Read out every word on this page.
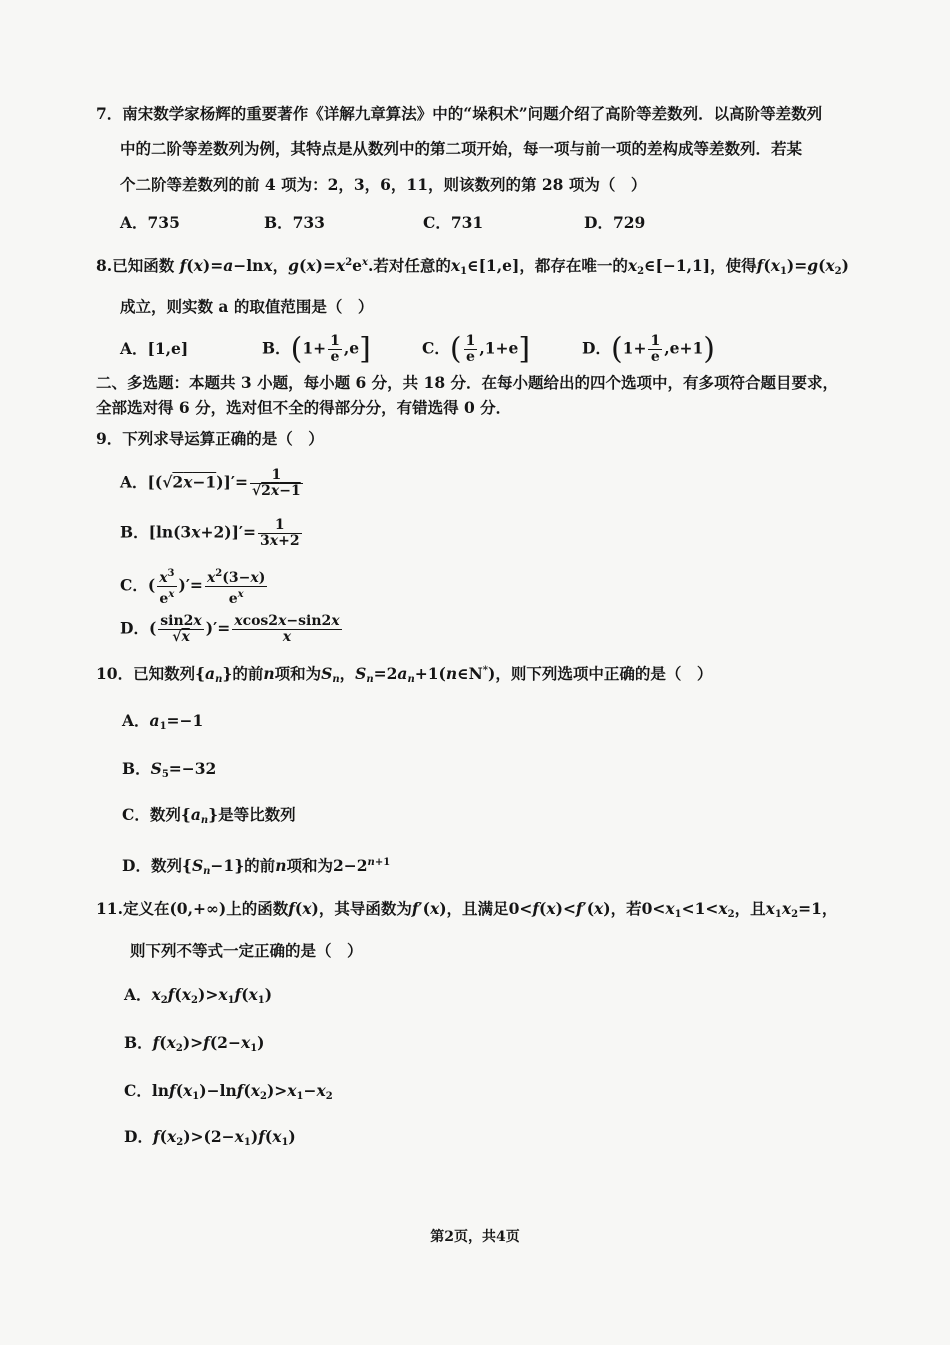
7．南宋数学家杨辉的重要著作《详解九章算法》中的“垛积术”问题介绍了高阶等差数列．以高阶等差数列
中的二阶等差数列为例，其特点是从数列中的第二项开始，每一项与前一项的差构成等差数列．若某
个二阶等差数列的前 4 项为：2，3，6，11，则该数列的第 28 项为（　）
A．735	B．733	C．731	D．729
8.已知函数 f(x)=a−lnx，$g(x)=x^2e^x$.若对任意的$x_1\in[1,e]$，都存在唯一的$x_2\in[-1,1]$，使得$f(x_1)=g(x_2)$
成立，则实数 a 的取值范围是（　）
A．[1,e]	B．$(1+ \frac{1}{e} ,e]$	C．( $\frac{1}{e} ,1+e$]	D．$(1+ \frac{1}{e} ,e+1)$
二、多选题：本题共 3 小题，每小题 6 分，共 18 分．在每小题给出的四个选项中，有多项符合题目要求，
全部选对得 6 分，选对但不全的得部分分，有错选得 0 分．
9．下列求导运算正确的是（　）
A．$[(√2x-1)]'= \frac{1}{√2x-1}$
B．$[\ln(3x+2)]'= \frac{1}{3x+2}$
C．( $\frac{x^3}{e^x}$ )′= $\frac{x^2(3-x)}{e^x}$
D．( $\frac{\sin 2x}{√x}$ )′= $\frac{xcos2x-\sin 2x}{x}$
10．已知数列$\{a_n\}$的前n项和为$S_n$，$S_n=2a_n+1(n\in N^*)$，则下列选项中正确的是（　）
A．$a_1=-1$
B．$S_5=-32$
C．数列$\{a_n\}$是等比数列
D．数列$\{S_n-1\}$的前n项和为$2-2^{n+1}$
11.定义在(0,+∞)上的函数f(x)，其导函数为f′(x)，且满足0<f(x)<f′(x)，若$0<x_1<1<x_2$，且$x_1x_2=1$，
则下列不等式一定正确的是（　）
A．$x_2f(x_2)>x_1f(x_1)$
B．$f(x_2)>f(2-x_1)$
C．$\ln f(x_1)-\ln f(x_2)>x_1-x_2$
D．$f(x_2)>(2-x_1)f(x_1)$
第2页，共4页
